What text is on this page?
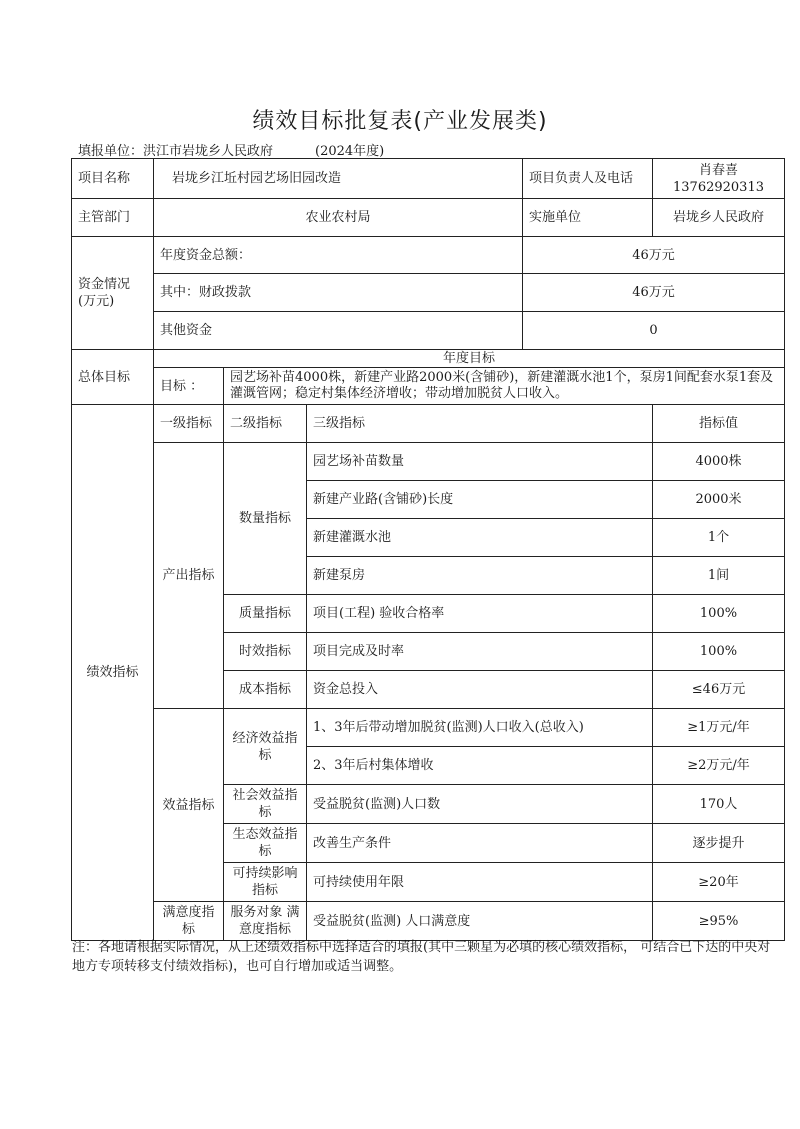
绩效目标批复表(产业发展类)
填报单位：洪江市岩垅乡人民政府	(2024年度)
项目名称	岩垅乡江坵村园艺场旧园改造			项目负责人及电话	肖春喜
13762920313

主管部门	农业农村局			实施单位	岩垅乡人民政府
资金情况(万元)	年度资金总额：			46万元	
	其中：财政拨款			46万元	
	其他资金			0	
总体目标	年度目标				
	目标 ：	园艺场补苗4000株，新建产业路2000米(含铺砂)，新建灌溉水池1个，泵房1间配套水泵1套及灌溉管网；稳定村集体经济增收；带动增加脱贫人口收入。			
绩效指标	一级指标	二级指标	三级指标		指标值
	产出指标	数量指标	园艺场补苗数量		4000株
			新建产业路(含铺砂)长度		2000米
			新建灌溉水池		1个
			新建泵房		1间
		质量指标	项目(工程) 验收合格率		100%
		时效指标	项目完成及时率		100%
		成本指标	资金总投入		≤46万元
	效益指标	经济效益指标	1、3年后带动增加脱贫(监测)人口收入(总收入)		≥1万元/年
			2、3年后村集体增收		≥2万元/年
		社会效益指标	受益脱贫(监测)人口数		170人
		生态效益指标	改善生产条件		逐步提升
		可持续影响指标	可持续使用年限		≥20年
	满意度指标	服务对象 满意度指标	受益脱贫(监测) 人口满意度		≥95%
注：各地请根据实际情况，从上述绩效指标中选择适合的填报(其中三颗星为必填的核心绩效指标， 可结合已下达的中央对地方专项转移支付绩效指标)，也可自行增加或适当调整。
